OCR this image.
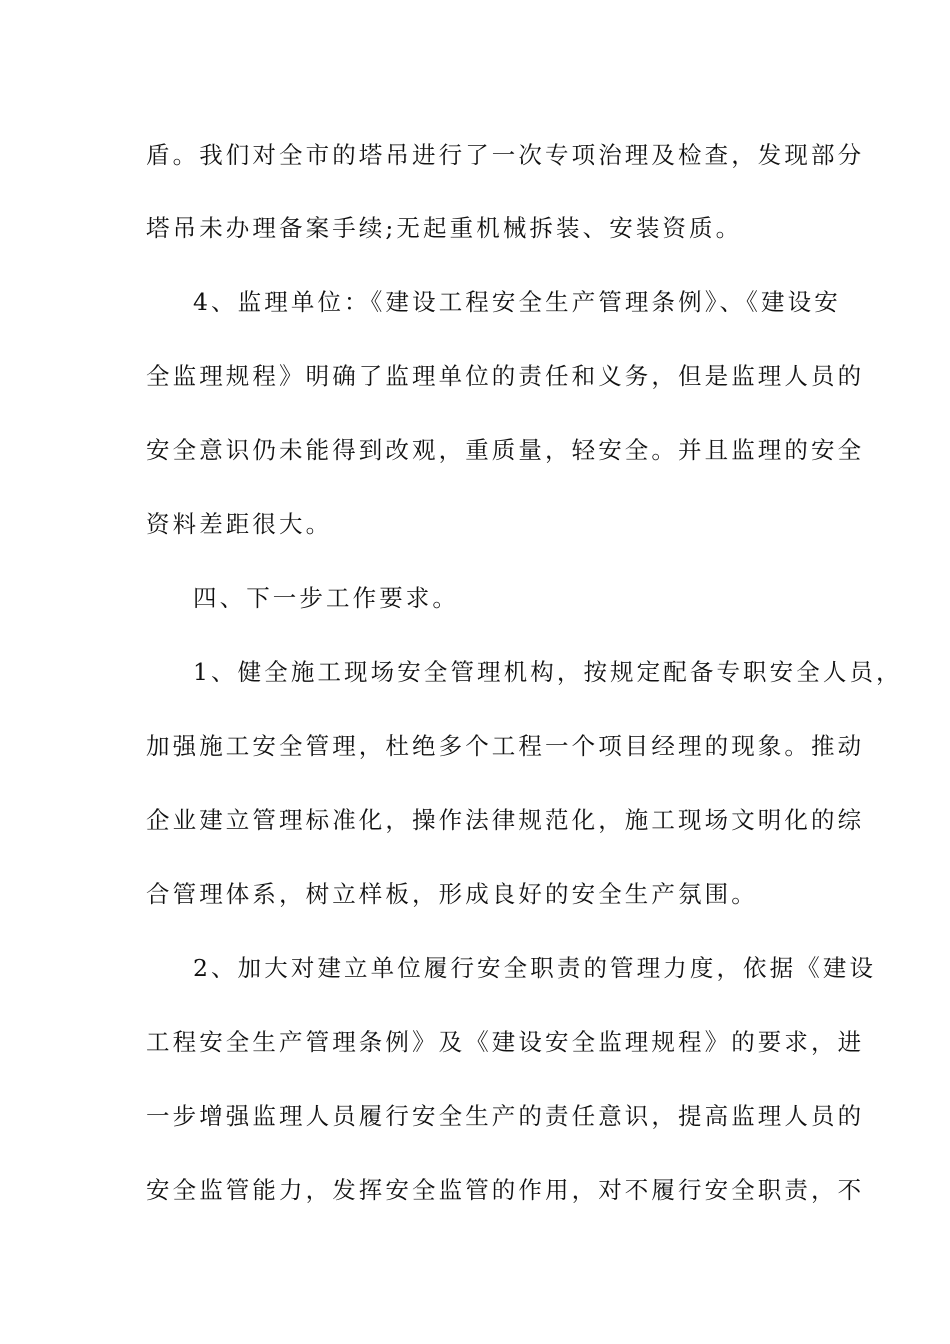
盾。我们对全市的塔吊进行了一次专项治理及检查，发现部分
塔吊未办理备案手续;无起重机械拆装、安装资质。
4、监理单位：《建设工程安全生产管理条例》、《建设安
全监理规程》明确了监理单位的责任和义务，但是监理人员的
安全意识仍未能得到改观，重质量，轻安全。并且监理的安全
资料差距很大。
四、下一步工作要求。
1、健全施工现场安全管理机构，按规定配备专职安全人员，
加强施工安全管理，杜绝多个工程一个项目经理的现象。推动
企业建立管理标准化，操作法律规范化，施工现场文明化的综
合管理体系，树立样板，形成良好的安全生产氛围。
2、加大对建立单位履行安全职责的管理力度，依据《建设
工程安全生产管理条例》及《建设安全监理规程》的要求，进
一步增强监理人员履行安全生产的责任意识，提高监理人员的
安全监管能力，发挥安全监管的作用，对不履行安全职责，不
